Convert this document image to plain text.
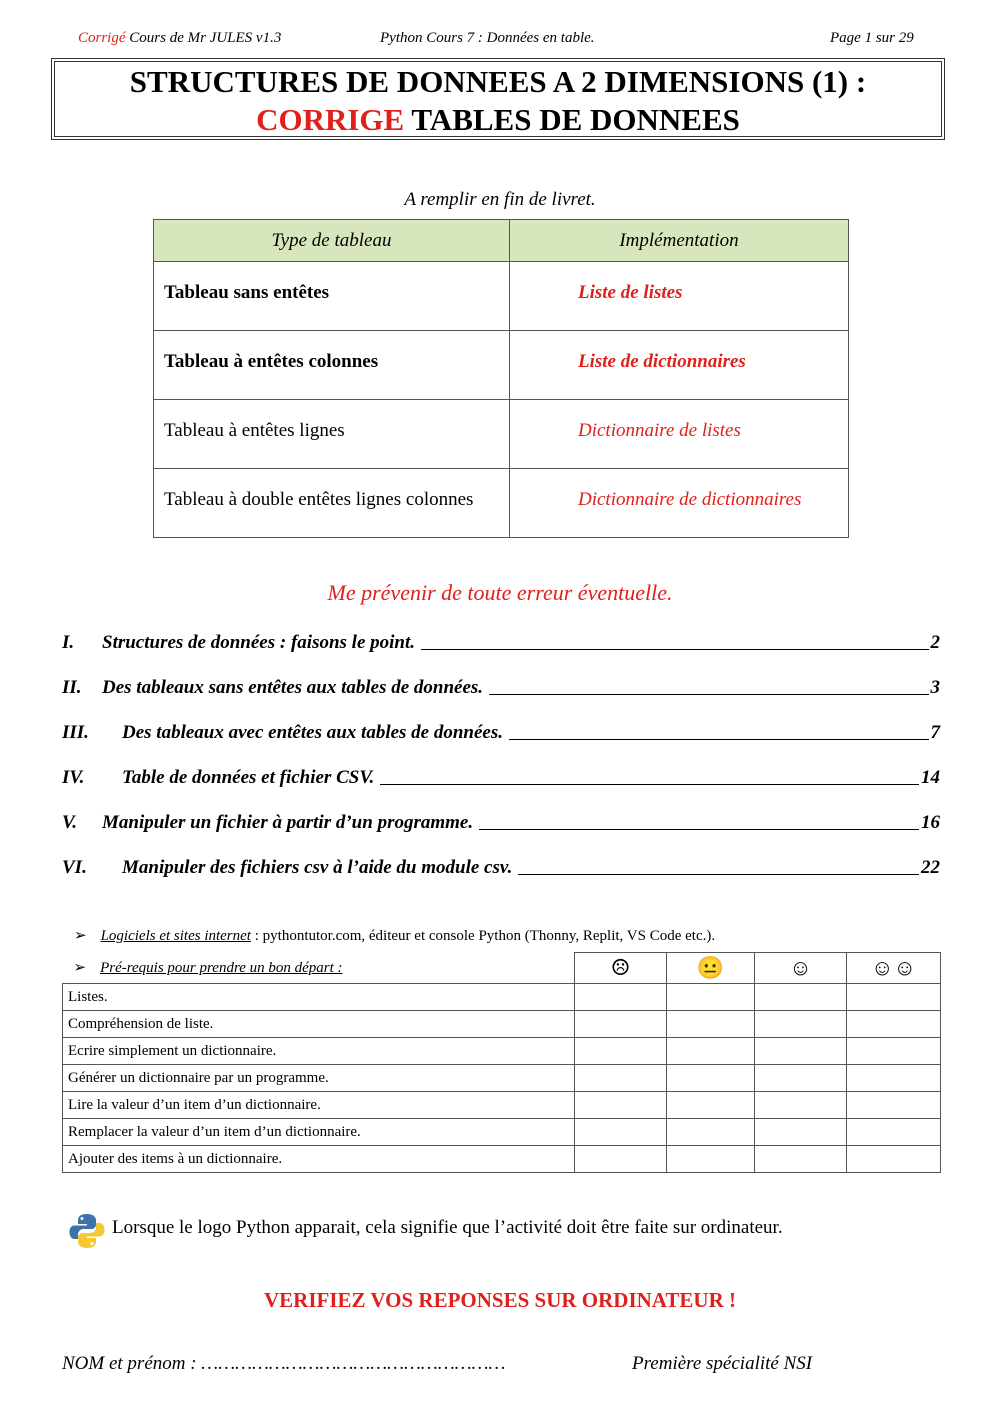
Corrigé Cours de Mr JULES v1.3	Python Cours 7 : Données en table.	Page 1 sur 29
STRUCTURES DE DONNEES A 2 DIMENSIONS (1) :
CORRIGE TABLES DE DONNEES
A remplir en fin de livret.
Type de tableau	Implémentation
Tableau sans entêtes	Liste de listes
Tableau à entêtes colonnes	Liste de dictionnaires
Tableau à entêtes lignes	Dictionnaire de listes
Tableau à double entêtes lignes colonnes	Dictionnaire de dictionnaires
Me prévenir de toute erreur éventuelle.
I.	Structures de données : faisons le point.	2
II.	Des tableaux sans entêtes aux tables de données.	3
III.	Des tableaux avec entêtes aux tables de données.	7
IV.	Table de données et fichier CSV.	14
V.	Manipuler un fichier à partir d’un programme.	16
VI.	Manipuler des fichiers csv à l’aide du module csv.	22
➢ Logiciels et sites internet : pythontutor.com, éditeur et console Python (Thonny, Replit, VS Code etc.).
➢ Pré-requis pour prendre un bon départ :	☹	😐	☺	☺☺
Listes.				
Compréhension de liste.				
Ecrire simplement un dictionnaire.				
Générer un dictionnaire par un programme.				
Lire la valeur d’un item d’un dictionnaire.				
Remplacer la valeur d’un item d’un dictionnaire.				
Ajouter des items à un dictionnaire.				
Lorsque le logo Python apparait, cela signifie que l’activité doit être faite sur ordinateur.
VERIFIEZ VOS REPONSES SUR ORDINATEUR !
NOM et prénom : ………………………………………………	Première spécialité NSI
